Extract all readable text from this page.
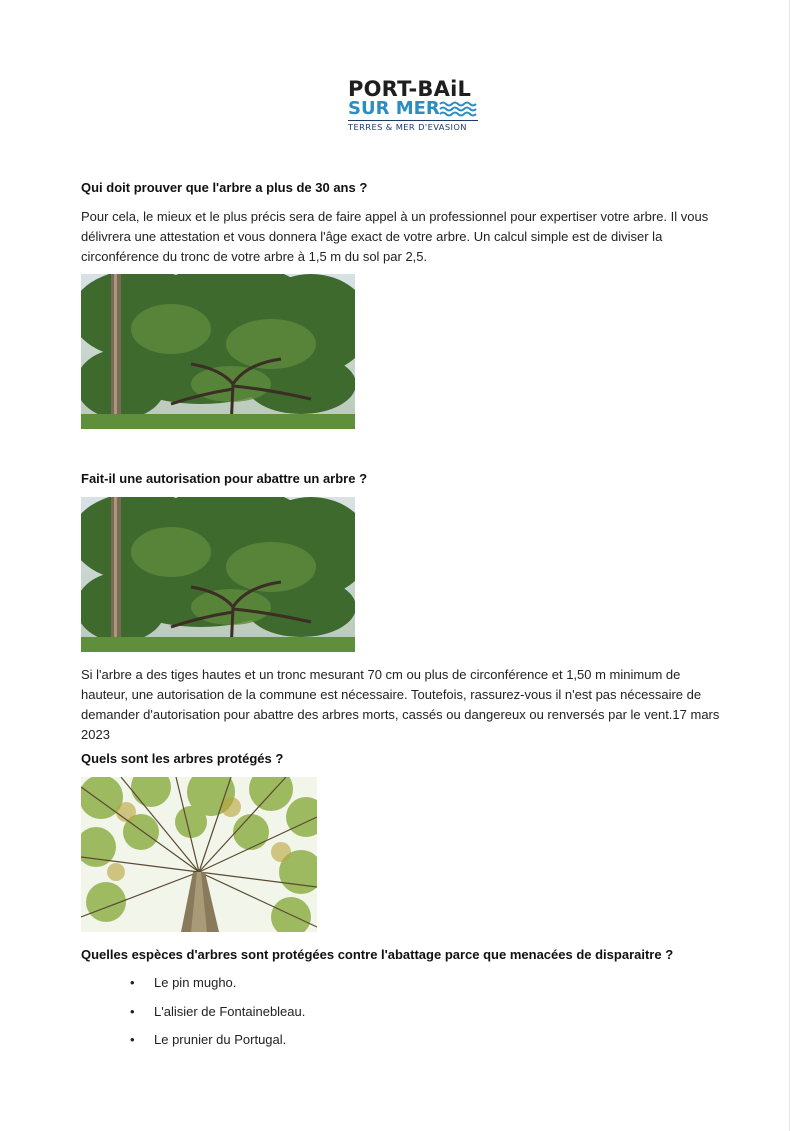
PORT-BAiL
SUR MER
TERRES & MER D'EVASION
Qui doit prouver que l'arbre a plus de 30 ans ?
Pour cela, le mieux et le plus précis sera de faire appel à un professionnel pour expertiser votre arbre. Il vous délivrera une attestation et vous donnera l'âge exact de votre arbre. Un calcul simple est de diviser la circonférence du tronc de votre arbre à 1,5 m du sol par 2,5.
Fait-il une autorisation pour abattre un arbre ?
Si l'arbre a des tiges hautes et un tronc mesurant 70 cm ou plus de circonférence et 1,50 m minimum de hauteur, une autorisation de la commune est nécessaire. Toutefois, rassurez-vous il n'est pas nécessaire de demander d'autorisation pour abattre des arbres morts, cassés ou dangereux ou renversés par le vent.17 mars 2023
Quels sont les arbres protégés ?
Quelles espèces d'arbres sont protégées contre l'abattage parce que menacées de disparaitre ?
• Le pin mugho.
• L'alisier de Fontainebleau.
• Le prunier du Portugal.
